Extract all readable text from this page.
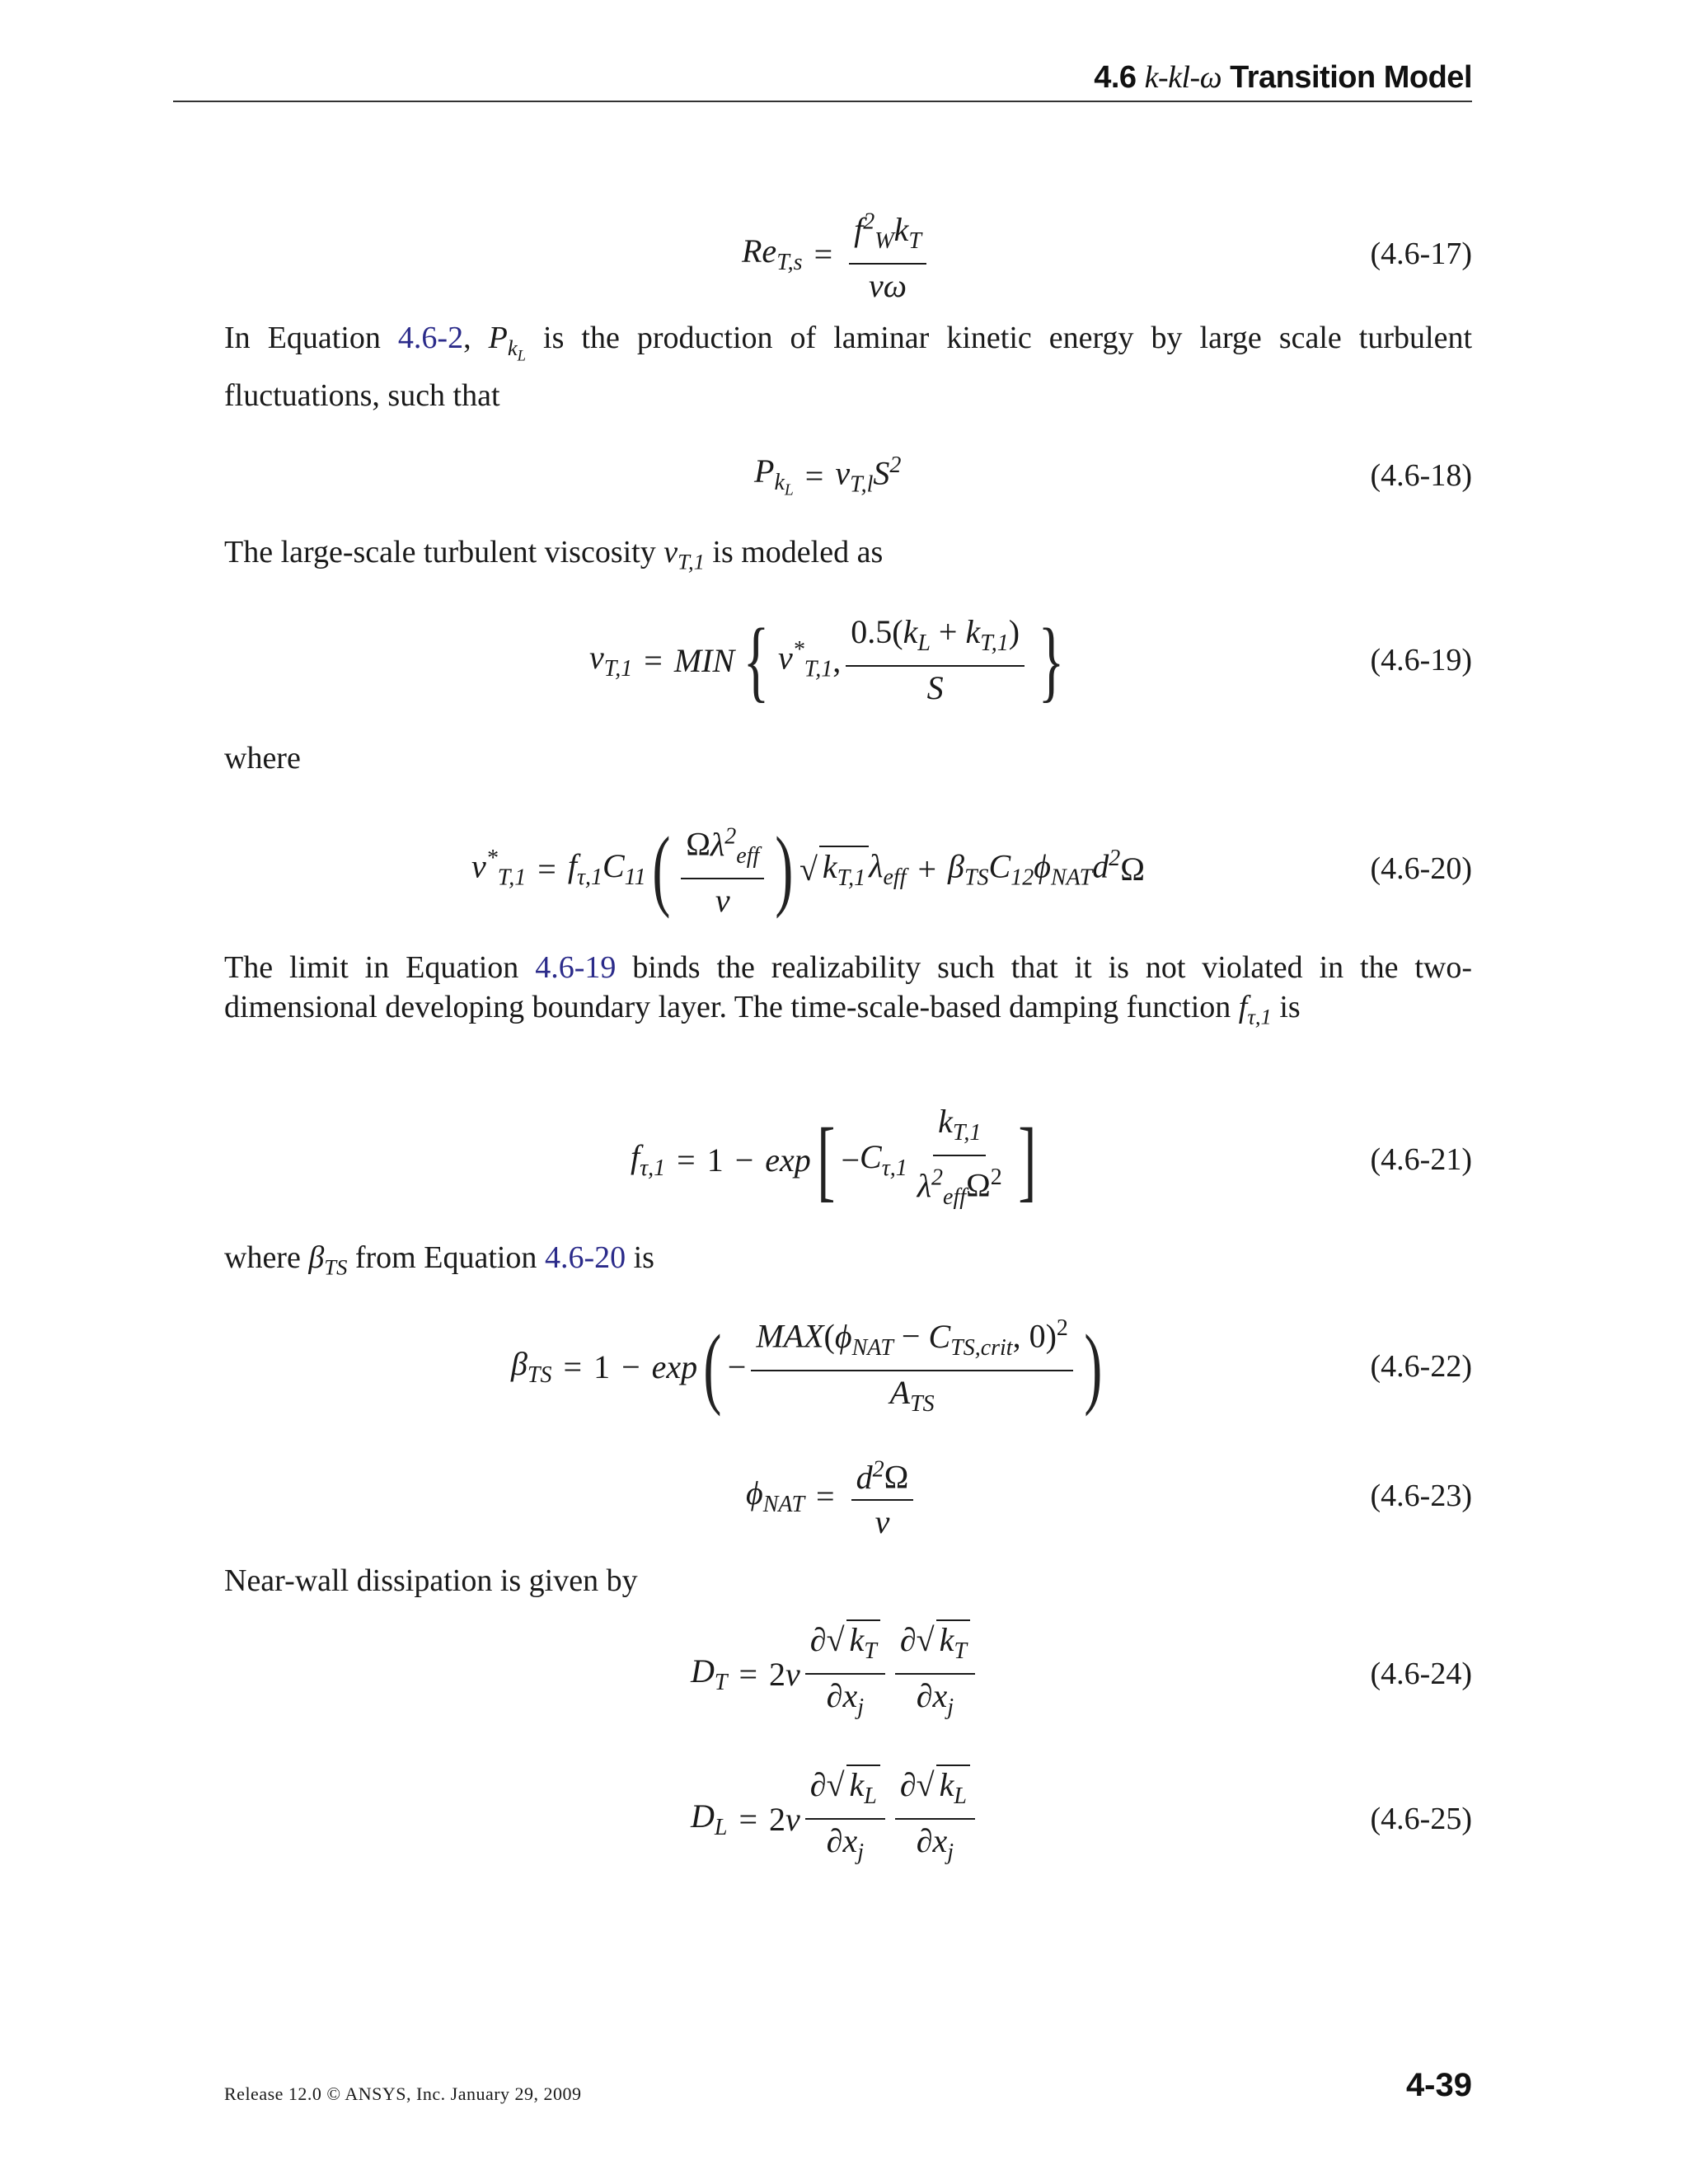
4.6 k-kl-ω Transition Model
$Re_{T,s} = \frac{f^2_Wk_T}{\nu\omega}$	(4.6-17)
In Equation 4.6-2, $P_{k_L}$ is the production of laminar kinetic energy by large scale turbulent fluctuations, such that
$P_{k_L} = \nu_{T,l}S^2$	(4.6-18)
The large-scale turbulent viscosity $\nu_{T,1}$ is modeled as
$\nu_{T,1}$ = MIN { $\nu^*_{T,1}$ , $\frac{0.5(k_L + k_{T,1})}{S}$ }	(4.6-19)
where
$\nu^*_{T,1} = f_{\tau,1}C_{11}$ ( $\frac{\Omega\lambda^2_{eff}}{\nu}$ ) √ $k_{T,1}$ $\lambda_{eff} + \beta_{TS}C_{12}\phi_{NAT}d^2$ Ω	(4.6-20)
The limit in Equation 4.6-19 binds the realizability such that it is not violated in the two-dimensional developing boundary layer. The time-scale-based damping function $f_{\tau,1}$ is
$f_{\tau,1} = 1 - \exp$ [ − $C_{\tau,1} \frac{k_{T,1}}{\lambda^2_{eff}\Omega^2}$ ]	(4.6-21)
where $\beta_{TS}$ from Equation 4.6-20 is
$\beta_{TS} = 1 - \exp$ ( − $\frac{MAX(\phi_{NAT} - C_{TS,crit}, 0)^2}{A_{TS}}$ )	(4.6-22)
$\phi_{NAT} = \frac{d^2\Omega}{\nu}$	(4.6-23)
Near-wall dissipation is given by
$D_T = 2$ ν $\frac{\partial√ k_T}{\partial x_j} \frac{\partial√ k_T}{\partial x_j}$	(4.6-24)
$D_L = 2$ ν $\frac{\partial√ k_L}{\partial x_j} \frac{\partial√ k_L}{\partial x_j}$	(4.6-25)
Release 12.0 © ANSYS, Inc. January 29, 2009	4-39
